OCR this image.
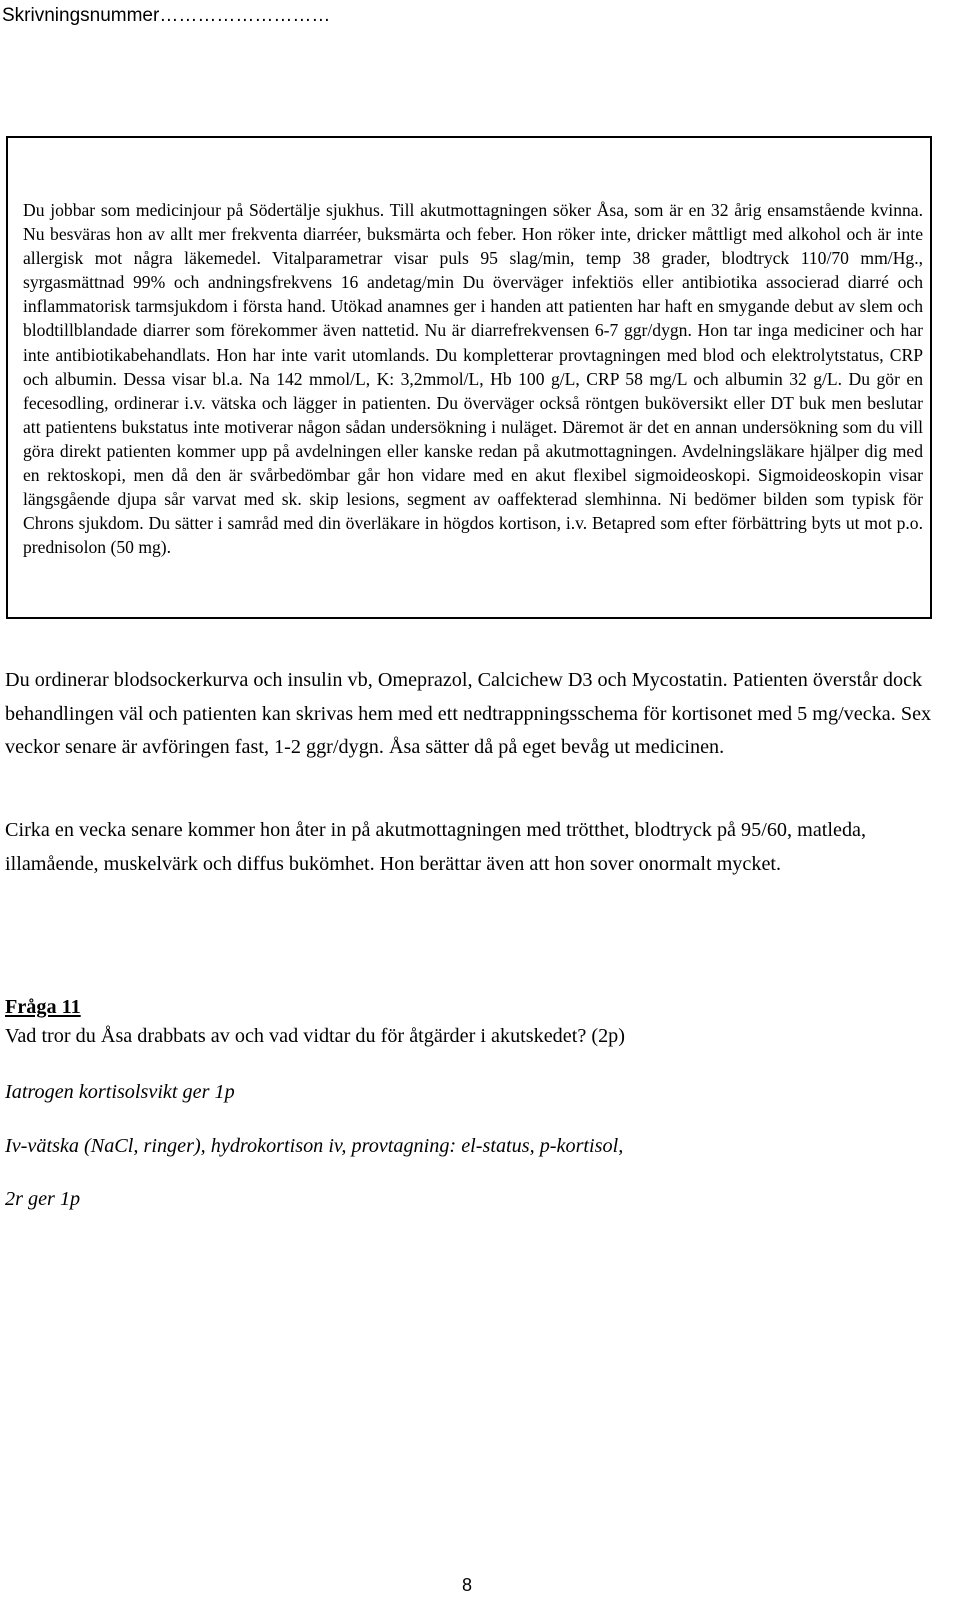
Skrivningsnummer………………………

Du jobbar som medicinjour på Södertälje sjukhus. Till akutmottagningen söker Åsa, som är en 32 årig ensamstående kvinna. Nu besväras hon av allt mer frekventa diarréer, buksmärta och feber. Hon röker inte, dricker måttligt med alkohol och är inte allergisk mot några läkemedel. Vitalparametrar visar puls 95 slag/min, temp 38 grader, blodtryck 110/70 mm/Hg., syrgasmättnad 99% och andningsfrekvens 16 andetag/min Du överväger infektiös eller antibiotika associerad diarré och inflammatorisk tarmsjukdom i första hand. Utökad anamnes ger i handen att patienten har haft en smygande debut av slem och blodtillblandade diarrer som förekommer även nattetid. Nu är diarrefrekvensen 6-7 ggr/dygn. Hon tar inga mediciner och har inte antibiotikabehandlats. Hon har inte varit utomlands. Du kompletterar provtagningen med blod och elektrolytstatus, CRP och albumin. Dessa visar bl.a. Na 142 mmol/L, K: 3,2mmol/L, Hb 100 g/L, CRP 58 mg/L och albumin 32 g/L. Du gör en fecesodling, ordinerar i.v. vätska och lägger in patienten. Du överväger också röntgen buköversikt eller DT buk men beslutar att patientens bukstatus inte motiverar någon sådan undersökning i nuläget. Däremot är det en annan undersökning som du vill göra direkt patienten kommer upp på avdelningen eller kanske redan på akutmottagningen. Avdelningsläkare hjälper dig med en rektoskopi, men då den är svårbedömbar går hon vidare med en akut flexibel sigmoideoskopi. Sigmoideoskopin visar längsgående djupa sår varvat med sk. skip lesions, segment av oaffekterad slemhinna. Ni bedömer bilden som typisk för Chrons sjukdom. Du sätter i samråd med din överläkare in högdos kortison, i.v. Betapred som efter förbättring byts ut mot p.o. prednisolon (50 mg).

Du ordinerar blodsockerkurva och insulin vb, Omeprazol, Calcichew D3 och Mycostatin. Patienten överstår dock behandlingen väl och patienten kan skrivas hem med ett nedtrappningsschema för kortisonet med 5 mg/vecka. Sex veckor senare är avföringen fast, 1-2 ggr/dygn. Åsa sätter då på eget bevåg ut medicinen.

Cirka en vecka senare kommer hon åter in på akutmottagningen med trötthet, blodtryck på 95/60, matleda, illamående, muskelvärk och diffus bukömhet. Hon berättar även att hon sover onormalt mycket.

Fråga 11

Vad tror du Åsa drabbats av och vad vidtar du för åtgärder i akutskedet? (2p)

Iatrogen kortisolsvikt ger 1p

Iv-vätska (NaCl, ringer), hydrokortison iv, provtagning: el-status, p-kortisol,

2r ger 1p

8
